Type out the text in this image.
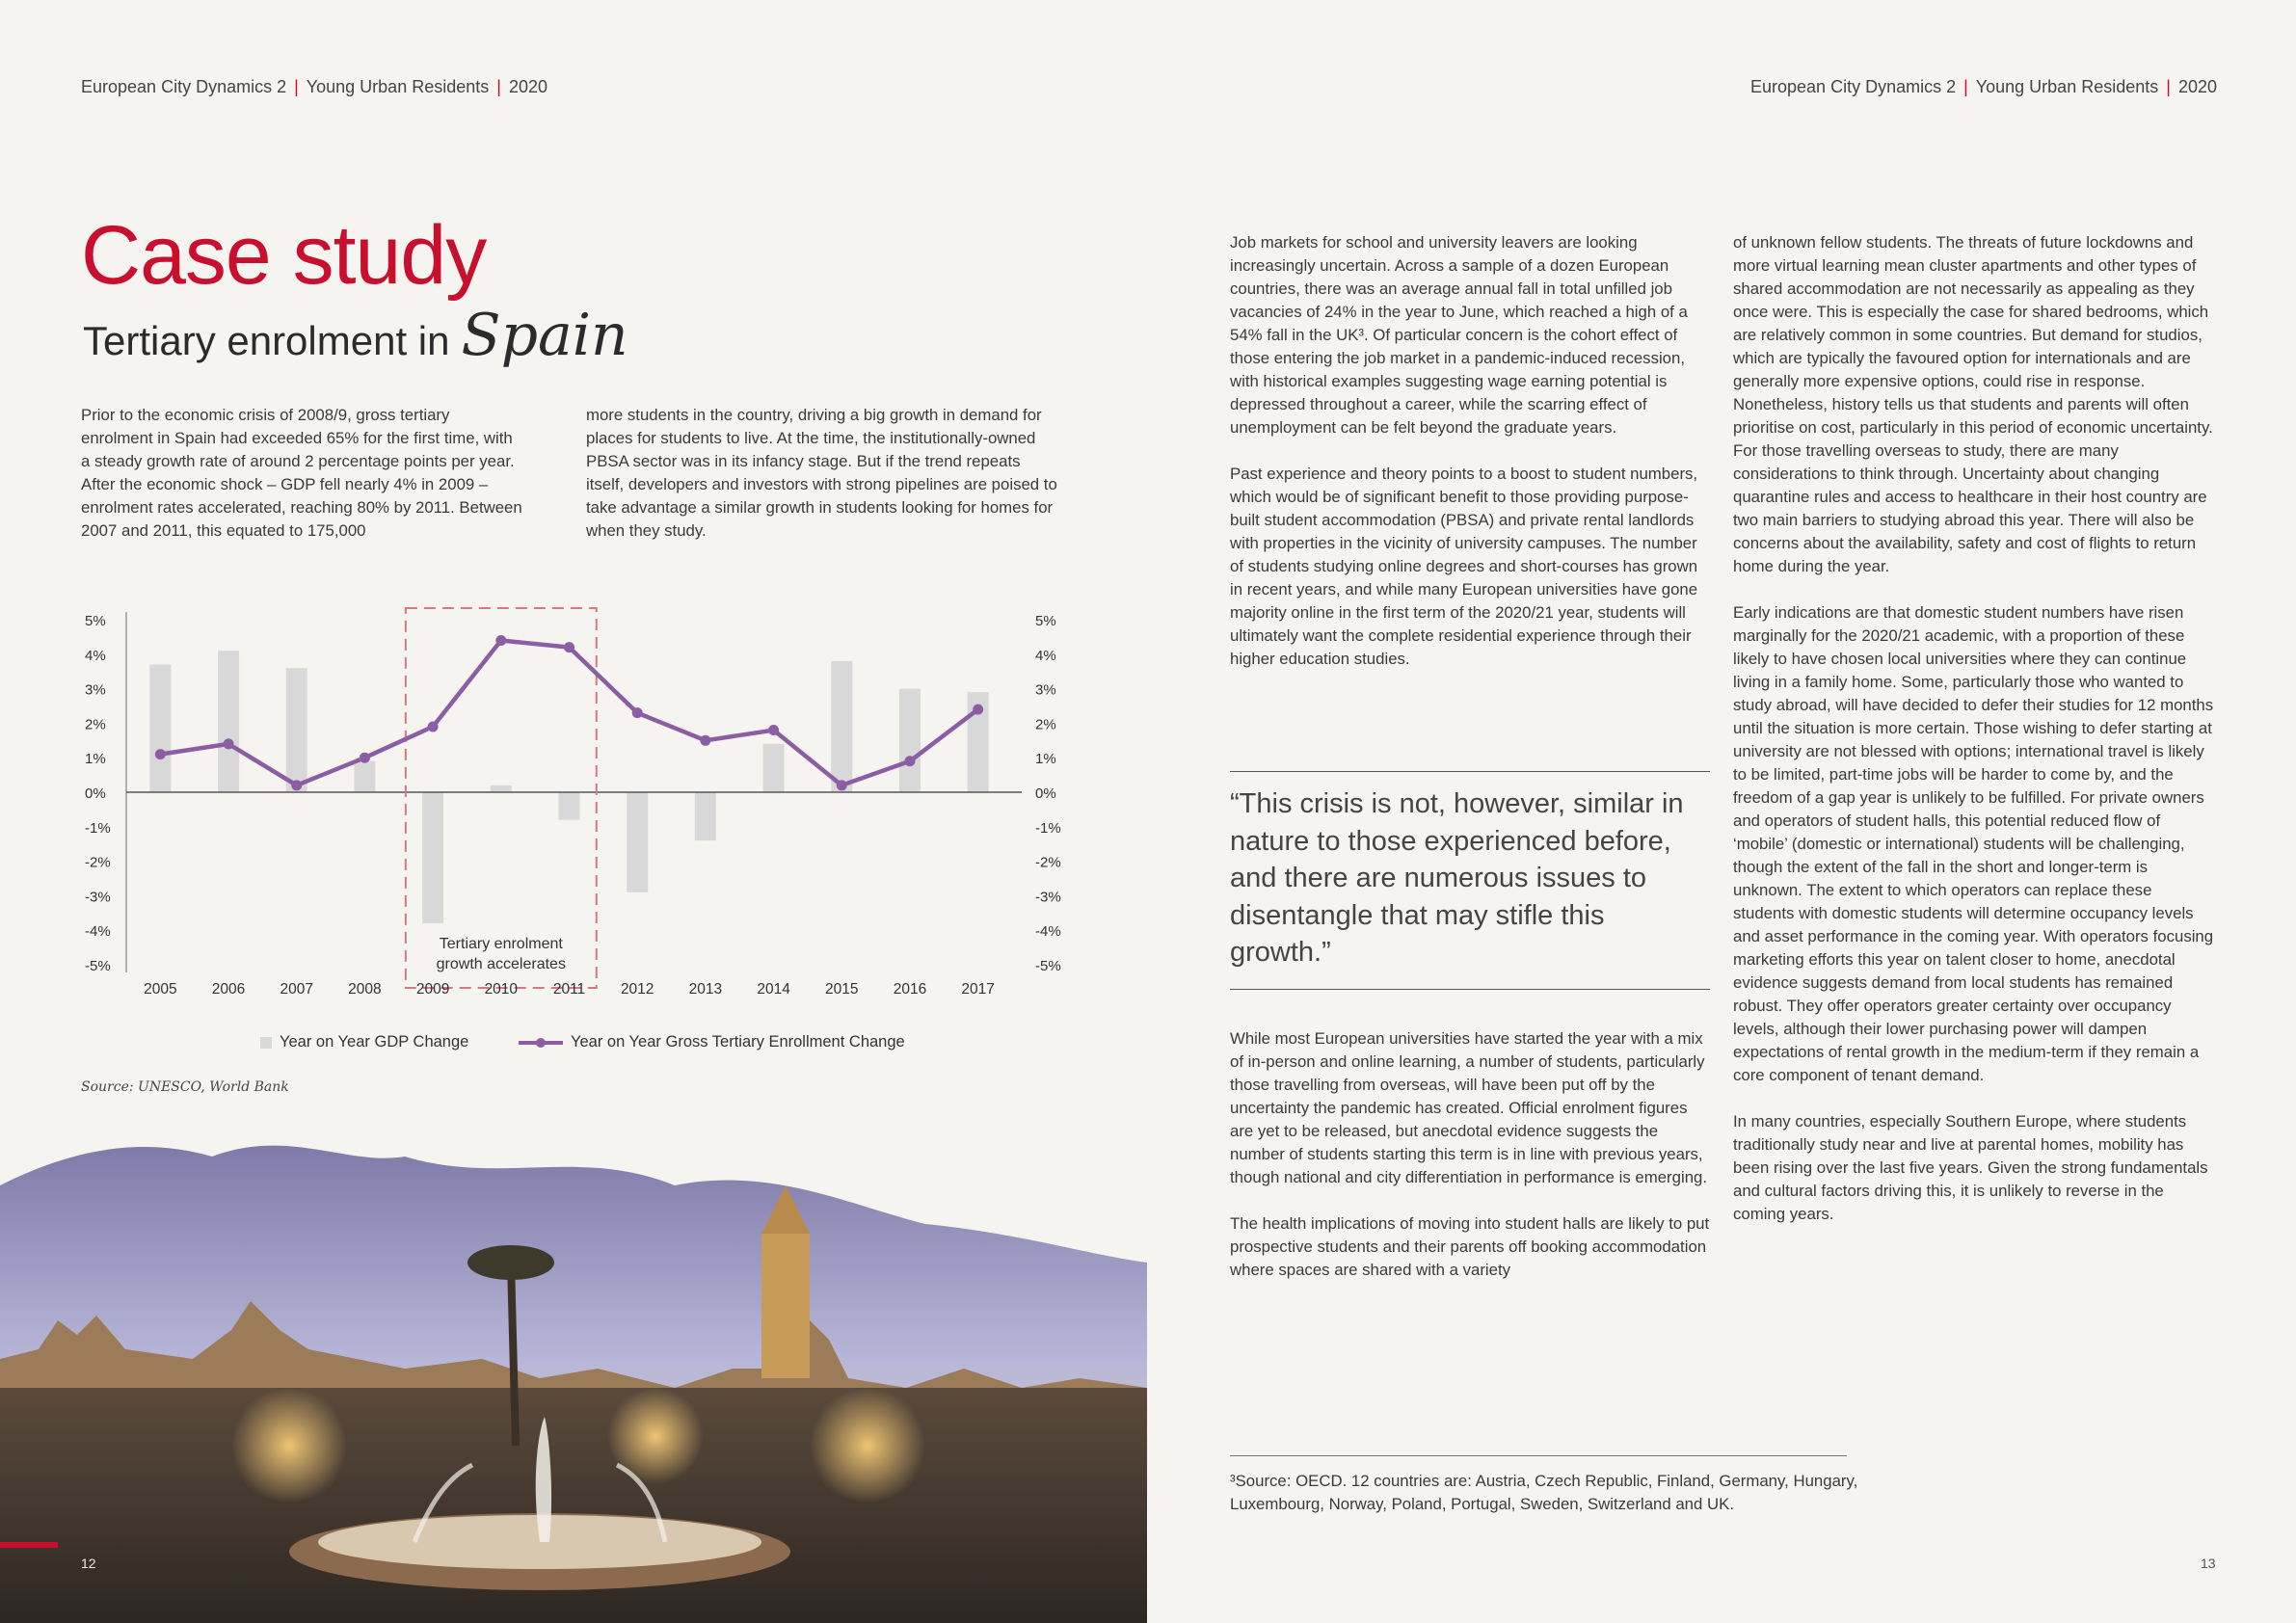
European City Dynamics 2 | Young Urban Residents | 2020	European City Dynamics 2 | Young Urban Residents | 2020
Case study
Tertiary enrolment in Spain
Prior to the economic crisis of 2008/9, gross tertiary enrolment in Spain had exceeded 65% for the first time, with a steady growth rate of around 2 percentage points per year. After the economic shock – GDP fell nearly 4% in 2009 – enrolment rates accelerated, reaching 80% by 2011. Between 2007 and 2011, this equated to 175,000
more students in the country, driving a big growth in demand for places for students to live. At the time, the institutionally-owned PBSA sector was in its infancy stage. But if the trend repeats itself, developers and investors with strong pipelines are poised to take advantage a similar growth in students looking for homes for when they study.
5%	5%
4%	4%
3%	3%
2%	2%
1%	1%
0%	0%
-1%	-1%
-2%	-2%
-3%	-3%
-4%	-4%
-5%	-5%
Tertiary enrolment
growth accelerates
2005 2006 2007 2008 2009 2010 2011 2012 2013 2014 2015 2016 2017
Year on Year GDP Change	Year on Year Gross Tertiary Enrollment Change
Source: UNESCO, World Bank

Job markets for school and university leavers are looking increasingly uncertain. Across a sample of a dozen European countries, there was an average annual fall in total unfilled job vacancies of 24% in the year to June, which reached a high of a 54% fall in the UK³. Of particular concern is the cohort effect of those entering the job market in a pandemic-induced recession, with historical examples suggesting wage earning potential is depressed throughout a career, while the scarring effect of unemployment can be felt beyond the graduate years.

Past experience and theory points to a boost to student numbers, which would be of significant benefit to those providing purpose-built student accommodation (PBSA) and private rental landlords with properties in the vicinity of university campuses. The number of students studying online degrees and short-courses has grown in recent years, and while many European universities have gone majority online in the first term of the 2020/21 year, students will ultimately want the complete residential experience through their higher education studies.

“This crisis is not, however, similar in nature to those experienced before, and there are numerous issues to disentangle that may stifle this growth.”

While most European universities have started the year with a mix of in-person and online learning, a number of students, particularly those travelling from overseas, will have been put off by the uncertainty the pandemic has created. Official enrolment figures are yet to be released, but anecdotal evidence suggests the number of students starting this term is in line with previous years, though national and city differentiation in performance is emerging.

The health implications of moving into student halls are likely to put prospective students and their parents off booking accommodation where spaces are shared with a variety

of unknown fellow students. The threats of future lockdowns and more virtual learning mean cluster apartments and other types of shared accommodation are not necessarily as appealing as they once were. This is especially the case for shared bedrooms, which are relatively common in some countries. But demand for studios, which are typically the favoured option for internationals and are generally more expensive options, could rise in response. Nonetheless, history tells us that students and parents will often prioritise on cost, particularly in this period of economic uncertainty. For those travelling overseas to study, there are many considerations to think through. Uncertainty about changing quarantine rules and access to healthcare in their host country are two main barriers to studying abroad this year. There will also be concerns about the availability, safety and cost of flights to return home during the year.

Early indications are that domestic student numbers have risen marginally for the 2020/21 academic, with a proportion of these likely to have chosen local universities where they can continue living in a family home. Some, particularly those who wanted to study abroad, will have decided to defer their studies for 12 months until the situation is more certain. Those wishing to defer starting at university are not blessed with options; international travel is likely to be limited, part-time jobs will be harder to come by, and the freedom of a gap year is unlikely to be fulfilled. For private owners and operators of student halls, this potential reduced flow of ‘mobile’ (domestic or international) students will be challenging, though the extent of the fall in the short and longer-term is unknown. The extent to which operators can replace these students with domestic students will determine occupancy levels and asset performance in the coming year. With operators focusing marketing efforts this year on talent closer to home, anecdotal evidence suggests demand from local students has remained robust. They offer operators greater certainty over occupancy levels, although their lower purchasing power will dampen expectations of rental growth in the medium-term if they remain a core component of tenant demand.

In many countries, especially Southern Europe, where students traditionally study near and live at parental homes, mobility has been rising over the last five years. Given the strong fundamentals and cultural factors driving this, it is unlikely to reverse in the coming years.

³Source: OECD. 12 countries are: Austria, Czech Republic, Finland, Germany, Hungary, Luxembourg, Norway, Poland, Portugal, Sweden, Switzerland and UK.
12	13
